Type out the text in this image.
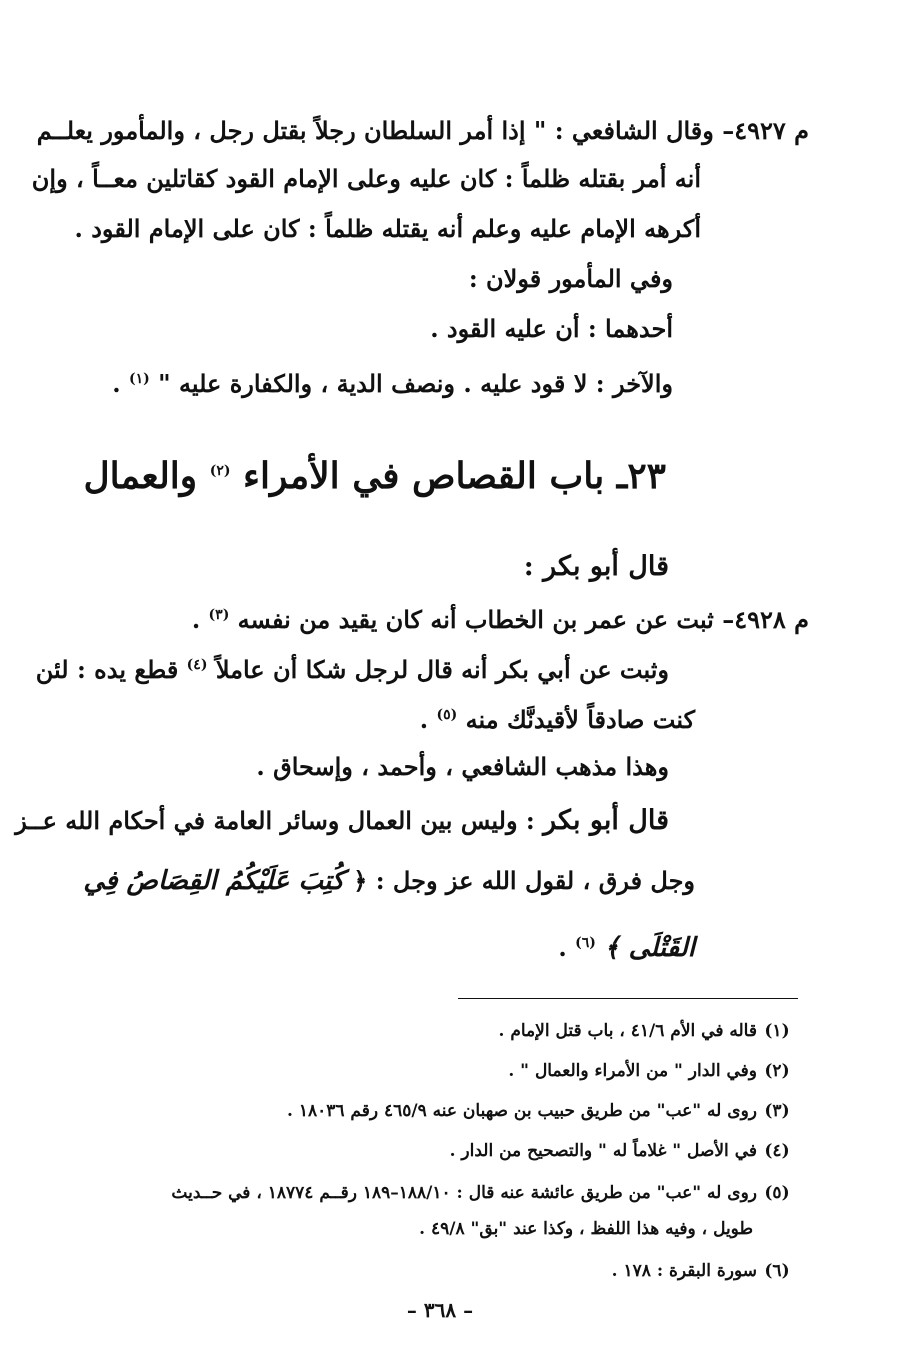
م ٤٩٢٧– وقال الشافعي : " إذا أمر السلطان رجلاً بقتل رجل ، والمأمور يعلــم
أنه أمر بقتله ظلماً : كان عليه وعلى الإمام القود كقاتلين معــاً ، وإن
أكرهه الإمام عليه وعلم أنه يقتله ظلماً : كان على الإمام القود .
وفي المأمور قولان :
أحدهما : أن عليه القود .
والآخر : لا قود عليه . ونصف الدية ، والكفارة عليه " $^{(١)}$ .
٢٣ـ باب القصاص في الأمراء $^{(٢)}$ والعمال
قال أبو بكر :
م ٤٩٢٨– ثبت عن عمر بن الخطاب أنه كان يقيد من نفسه $^{(٣)}$ .
وثبت عن أبي بكر أنه قال لرجل شكا أن عاملاً $^{(٤)}$ قطع يده : لئن
كنت صادقاً لأقيدنَّك منه $^{(٥)}$ .
وهذا مذهب الشافعي ، وأحمد ، وإسحاق .
قال أبو بكر : وليس بين العمال وسائر العامة في أحكام الله عــز
وجل فرق ، لقول الله عز وجل : ﴿ كُتِبَ عَلَيْكُمُ القِصَاصُ فِي
القَتْلَى ﴾ $^{(٦)}$ .
(١)قاله في الأم ٤١/٦ ، باب قتل الإمام .
(٢)وفي الدار " من الأمراء والعمال " .
(٣)روى له "عب" من طريق حبيب بن صهبان عنه ٤٦٥/٩ رقم ١٨٠٣٦ .
(٤)في الأصل " غلاماً له " والتصحيح من الدار .
(٥)روى له "عب" من طريق عائشة عنه قال : ١٨٨/١٠–١٨٩ رقــم ١٨٧٧٤ ، في حــديث
طويل ، وفيه هذا اللفظ ، وكذا عند "بق" ٤٩/٨ .
(٦)سورة البقرة : ١٧٨ .
– ٣٦٨ –
